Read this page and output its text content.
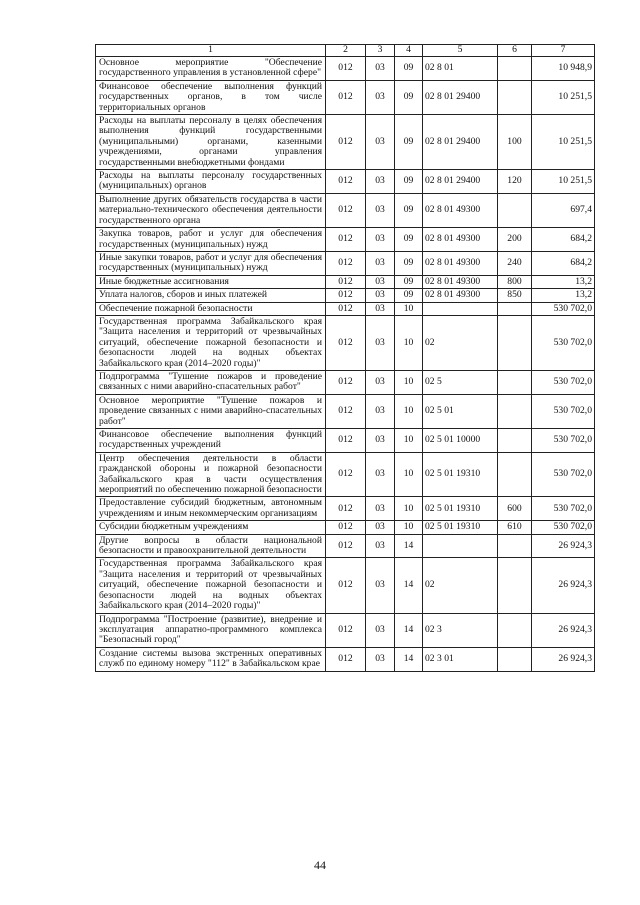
1	2	3	4	5	6	7
Основное мероприятие "Обеспечение государственного управления в установленной сфере"	012	03	09	02 8 01		10 948,9
Финансовое обеспечение выполнения функций государственных органов, в том числе территориальных органов	012	03	09	02 8 01 29400		10 251,5
Расходы на выплаты персоналу в целях обеспечения выполнения функций государственными (муниципальными) органами, казенными учреждениями, органами управления государственными внебюджетными фондами	012	03	09	02 8 01 29400	100	10 251,5
Расходы на выплаты персоналу государственных (муниципальных) органов	012	03	09	02 8 01 29400	120	10 251,5
Выполнение других обязательств государства в части материально-технического обеспечения деятельности государственного органа	012	03	09	02 8 01 49300		697,4
Закупка товаров, работ и услуг для обеспечения государственных (муниципальных) нужд	012	03	09	02 8 01 49300	200	684,2
Иные закупки товаров, работ и услуг для обеспечения государственных (муниципальных) нужд	012	03	09	02 8 01 49300	240	684,2
Иные бюджетные ассигнования	012	03	09	02 8 01 49300	800	13,2
Уплата налогов, сборов и иных платежей	012	03	09	02 8 01 49300	850	13,2
Обеспечение пожарной безопасности	012	03	10			530 702,0
Государственная программа Забайкальского края "Защита населения и территорий от чрезвычайных ситуаций, обеспечение пожарной безопасности и безопасности людей на водных объектах Забайкальского края (2014–2020 годы)"	012	03	10	02		530 702,0
Подпрограмма "Тушение пожаров и проведение связанных с ними аварийно-спасательных работ"	012	03	10	02 5		530 702,0
Основное мероприятие "Тушение пожаров и проведение связанных с ними аварийно-спасательных работ"	012	03	10	02 5 01		530 702,0
Финансовое обеспечение выполнения функций государственных учреждений	012	03	10	02 5 01 10000		530 702,0
Центр обеспечения деятельности в области гражданской обороны и пожарной безопасности Забайкальского края в части осуществления мероприятий по обеспечению пожарной безопасности	012	03	10	02 5 01 19310		530 702,0
Предоставление субсидий бюджетным, автономным учреждениям и иным некоммерческим организациям	012	03	10	02 5 01 19310	600	530 702,0
Субсидии бюджетным учреждениям	012	03	10	02 5 01 19310	610	530 702,0
Другие вопросы в области национальной безопасности и правоохранительной деятельности	012	03	14			26 924,3
Государственная программа Забайкальского края "Защита населения и территорий от чрезвычайных ситуаций, обеспечение пожарной безопасности и безопасности людей на водных объектах Забайкальского края (2014–2020 годы)"	012	03	14	02		26 924,3
Подпрограмма "Построение (развитие), внедрение и эксплуатация аппаратно-программного комплекса "Безопасный город"	012	03	14	02 3		26 924,3
Создание системы вызова экстренных оперативных служб по единому номеру "112" в Забайкальском крае	012	03	14	02 3 01		26 924,3
44
